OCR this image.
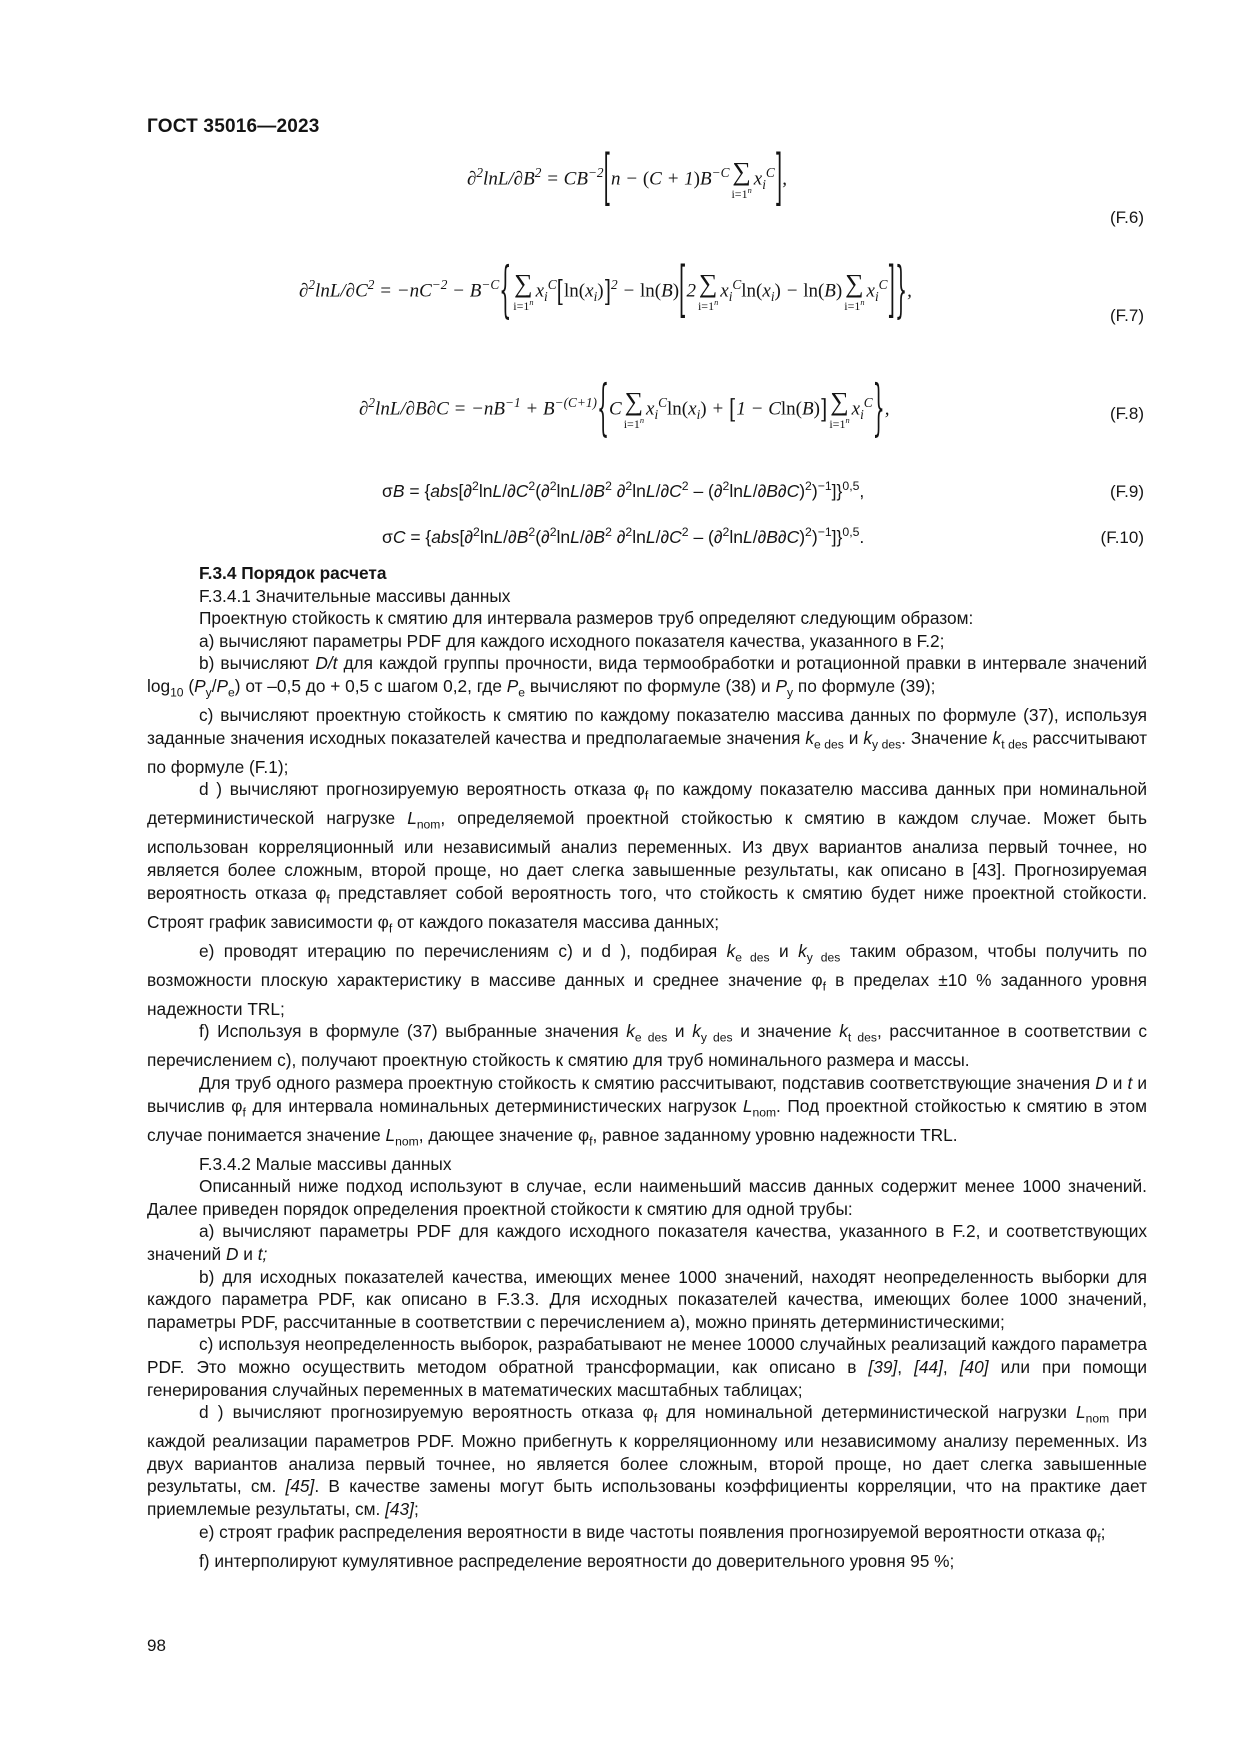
ГОСТ 35016—2023
$\partial^2\ln L/\partial B^2 = CB^{-2}[n - (C + 1)B^{-C}$ ∑
$i=1^n$
$x_i^C$],
(F.6)
$\partial^2\ln L/\partial C^2 = -nC^{-2} - B^{-C}${ ∑
$i=1^n$
$x_i^C[\ln(x_i)]^2 - \ln(B)[2$ ∑
$i=1^n$
$x_i^C\ln(x_i) - \ln(B)$ ∑
$i=1^n$
$x_i^C$]},
(F.7)
$\partial^2\ln L/\partial B\partial C = -nB^{-1} + B^{-(C+1)}\{C$ ∑
$i=1^n$
$x_i^C\ln(x_i) + [1 - Cln(B)]$ ∑
$i=1^n$
$x_i^C$},	(F.8)
$\sigma B = \{abs[\partial^2\ln L/\partial C^2(\partial^2\ln L/\partial B^2$ $\partial^2\ln L/\partial C^2 - (\partial^2\ln L/\partial B\partial C)^2)^{-1}]\}^{0,5}$,	(F.9)
$\sigma C = \{abs[\partial^2\ln L/\partial B^2(\partial^2\ln L/\partial B^2$ $\partial^2\ln L/\partial C^2 - (\partial^2\ln L/\partial B\partial C)^2)^{-1}]\}^{0,5}$.	(F.10)

F.3.4 Порядок расчета

F.3.4.1 Значительные массивы данных

Проектную стойкость к смятию для интервала размеров труб определяют следующим образом:

а) вычисляют параметры PDF для каждого исходного показателя качества, указанного в F.2;

b) вычисляют D/t для каждой группы прочности, вида термообработки и ротационной правки в интервале значений $\log_{10} (P_y/P_e)$ от –0,5 до + 0,5 с шагом 0,2, где $P_e$ вычисляют по формуле (38) и $P_y$ по формуле (39);

с) вычисляют проектную стойкость к смятию по каждому показателю массива данных по формуле (37), используя заданные значения исходных показателей качества и предполагаемые значения $k_{e des}$ и $k_{y des}$. Значение $k_{t des}$ рассчитывают по формуле (F.1);

d ) вычисляют прогнозируемую вероятность отказа $\varphi_f$ по каждому показателю массива данных при номинальной детерминистической нагрузке $L_{nom}$, определяемой проектной стойкостью к смятию в каждом случае. Может быть использован корреляционный или независимый анализ переменных. Из двух вариантов анализа первый точнее, но является более сложным, второй проще, но дает слегка завышенные результаты, как описано в [43]. Прогнозируемая вероятность отказа $\varphi_f$ представляет собой вероятность того, что стойкость к смятию будет ниже проектной стойкости. Строят график зависимости $\varphi_f$ от каждого показателя массива данных;

е) проводят итерацию по перечислениям с) и d ), подбирая $k_{e des}$ и $k_{y des}$ таким образом, чтобы получить по возможности плоскую характеристику в массиве данных и среднее значение $\varphi_f$ в пределах ±10 % заданного уровня надежности TRL;

f) Используя в формуле (37) выбранные значения $k_{e des}$ и $k_{y des}$ и значение $k_{t des}$, рассчитанное в соответствии с перечислением с), получают проектную стойкость к смятию для труб номинального размера и массы.

Для труб одного размера проектную стойкость к смятию рассчитывают, подставив соответствующие значения D и t и вычислив $\varphi_f$ для интервала номинальных детерминистических нагрузок $L_{nom}$. Под проектной стойкостью к смятию в этом случае понимается значение $L_{nom}$, дающее значение $\varphi_f$, равное заданному уровню надежности TRL.

F.3.4.2 Малые массивы данных

Описанный ниже подход используют в случае, если наименьший массив данных содержит менее 1000 значений. Далее приведен порядок определения проектной стойкости к смятию для одной трубы:

а) вычисляют параметры PDF для каждого исходного показателя качества, указанного в F.2, и соответствующих значений D и t;

b) для исходных показателей качества, имеющих менее 1000 значений, находят неопределенность выборки для каждого параметра PDF, как описано в F.3.3. Для исходных показателей качества, имеющих более 1000 значений, параметры PDF, рассчитанные в соответствии с перечислением а), можно принять детерминистическими;

с) используя неопределенность выборок, разрабатывают не менее 10000 случайных реализаций каждого параметра PDF. Это можно осуществить методом обратной трансформации, как описано в [39], [44], [40] или при помощи генерирования случайных переменных в математических масштабных таблицах;

d ) вычисляют прогнозируемую вероятность отказа $\varphi_f$ для номинальной детерминистической нагрузки $L_{nom}$ при каждой реализации параметров PDF. Можно прибегнуть к корреляционному или независимому анализу переменных. Из двух вариантов анализа первый точнее, но является более сложным, второй проще, но дает слегка завышенные результаты, см. [45]. В качестве замены могут быть использованы коэффициенты корреляции, что на практике дает приемлемые результаты, см. [43];

е) строят график распределения вероятности в виде частоты появления прогнозируемой вероятности отказа $\varphi_f$;

f) интерполируют кумулятивное распределение вероятности до доверительного уровня 95 %;

98
